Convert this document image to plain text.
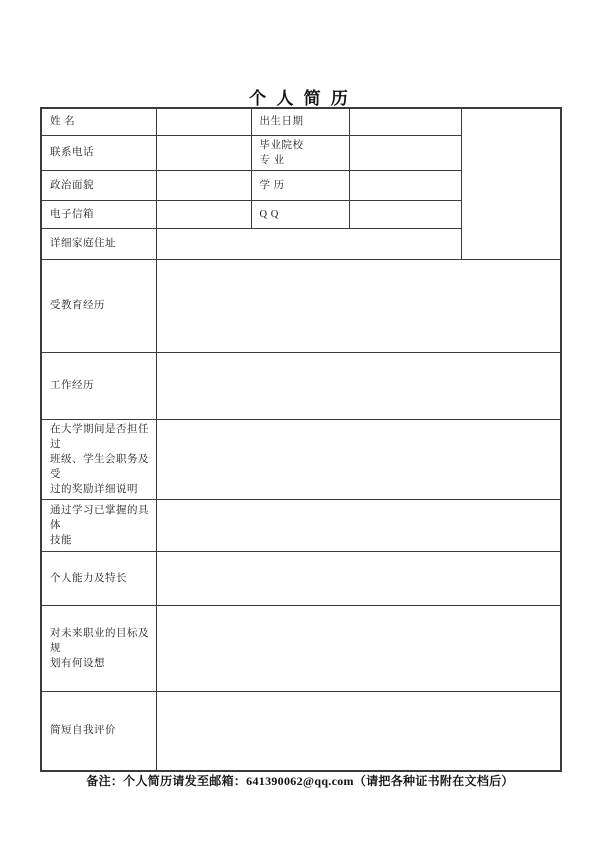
个 人 简 历
姓 名		出生日期		
联系电话		毕业院校
专 业		
政治面貌		学 历		
电子信箱		Q Q		
详细家庭住址				
受教育经历				
工作经历				
在大学期间是否担任过
班级、学生会职务及受
过的奖励详细说明				
通过学习已掌握的具体
技能				
个人能力及特长				
对未来职业的目标及规
划有何设想				
简短自我评价				
备注：个人简历请发至邮箱：641390062@qq.com（请把各种证书附在文档后）
